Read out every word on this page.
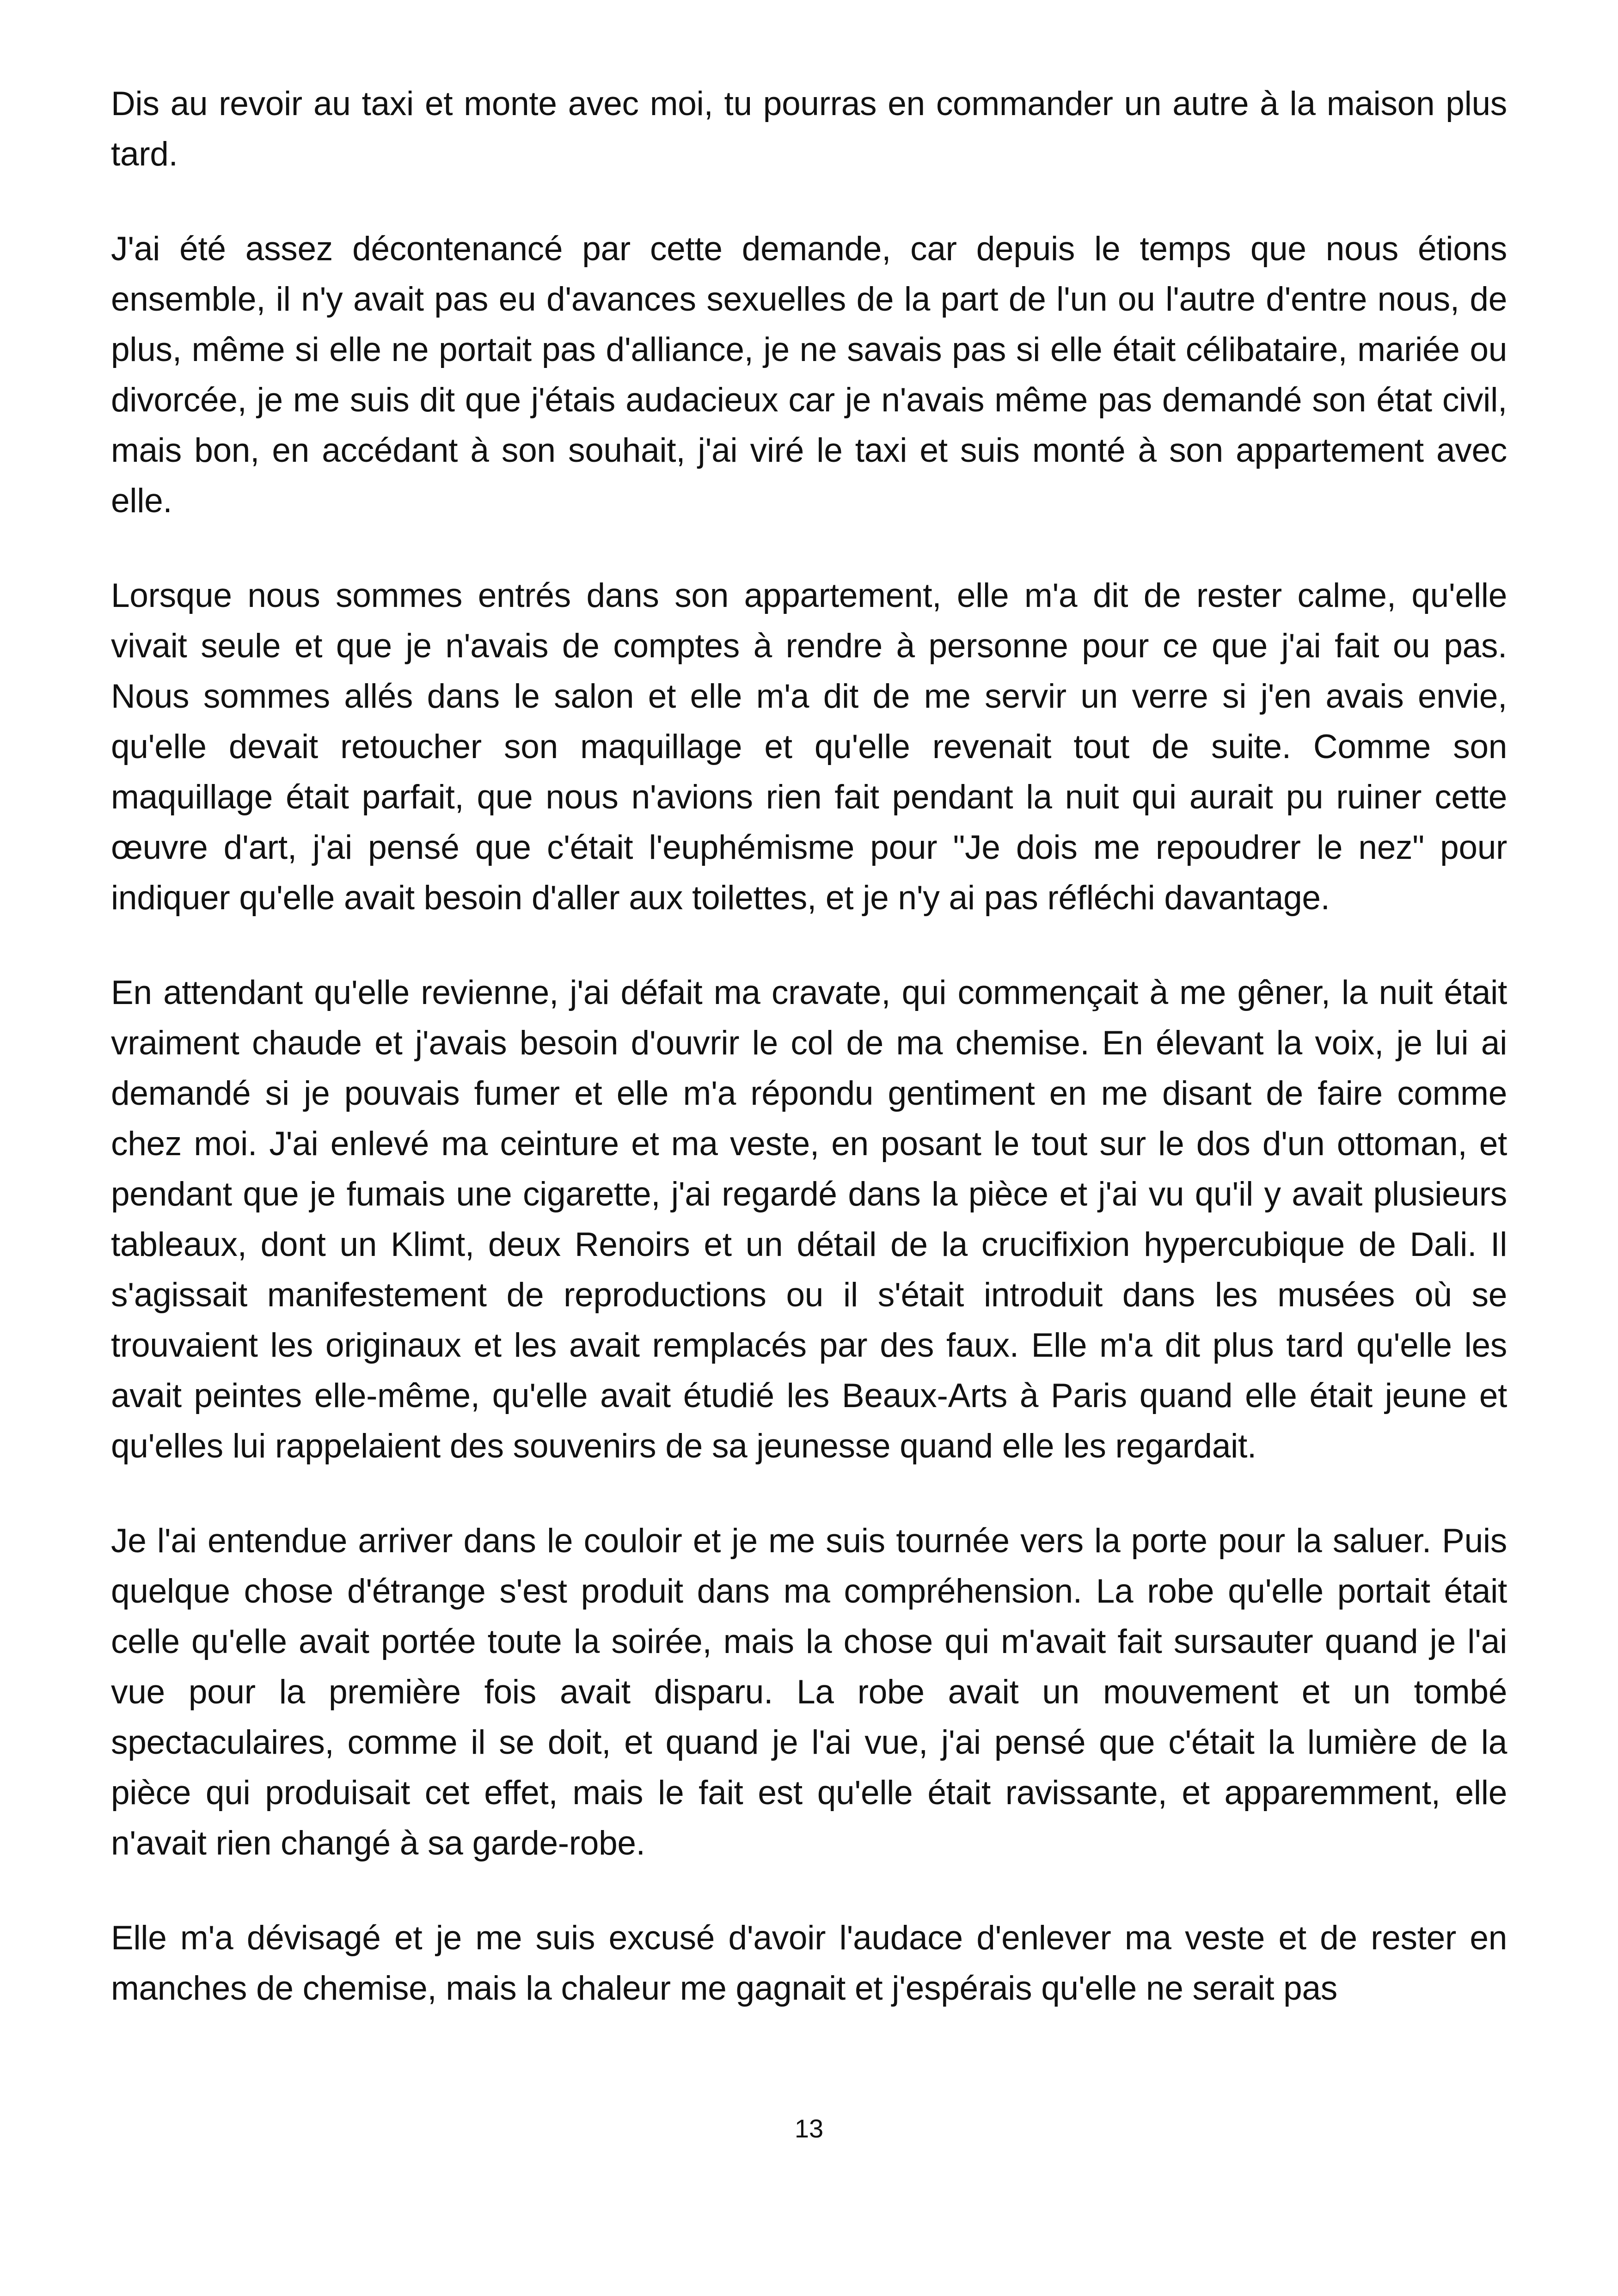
Dis au revoir au taxi et monte avec moi, tu pourras en commander un autre à la maison plus tard.

J'ai été assez décontenancé par cette demande, car depuis le temps que nous étions ensemble, il n'y avait pas eu d'avances sexuelles de la part de l'un ou l'autre d'entre nous, de plus, même si elle ne portait pas d'alliance, je ne savais pas si elle était célibataire, mariée ou divorcée, je me suis dit que j'étais audacieux car je n'avais même pas demandé son état civil, mais bon, en accédant à son souhait, j'ai viré le taxi et suis monté à son appartement avec elle.

Lorsque nous sommes entrés dans son appartement, elle m'a dit de rester calme, qu'elle vivait seule et que je n'avais de comptes à rendre à personne pour ce que j'ai fait ou pas. Nous sommes allés dans le salon et elle m'a dit de me servir un verre si j'en avais envie, qu'elle devait retoucher son maquillage et qu'elle revenait tout de suite. Comme son maquillage était parfait, que nous n'avions rien fait pendant la nuit qui aurait pu ruiner cette œuvre d'art, j'ai pensé que c'était l'euphémisme pour "Je dois me repoudrer le nez" pour indiquer qu'elle avait besoin d'aller aux toilettes, et je n'y ai pas réfléchi davantage.

En attendant qu'elle revienne, j'ai défait ma cravate, qui commençait à me gêner, la nuit était vraiment chaude et j'avais besoin d'ouvrir le col de ma chemise. En élevant la voix, je lui ai demandé si je pouvais fumer et elle m'a répondu gentiment en me disant de faire comme chez moi. J'ai enlevé ma ceinture et ma veste, en posant le tout sur le dos d'un ottoman, et pendant que je fumais une cigarette, j'ai regardé dans la pièce et j'ai vu qu'il y avait plusieurs tableaux, dont un Klimt, deux Renoirs et un détail de la crucifixion hypercubique de Dali. Il s'agissait manifestement de reproductions ou il s'était introduit dans les musées où se trouvaient les originaux et les avait remplacés par des faux. Elle m'a dit plus tard qu'elle les avait peintes elle-même, qu'elle avait étudié les Beaux-Arts à Paris quand elle était jeune et qu'elles lui rappelaient des souvenirs de sa jeunesse quand elle les regardait.

Je l'ai entendue arriver dans le couloir et je me suis tournée vers la porte pour la saluer. Puis quelque chose d'étrange s'est produit dans ma compréhension. La robe qu'elle portait était celle qu'elle avait portée toute la soirée, mais la chose qui m'avait fait sursauter quand je l'ai vue pour la première fois avait disparu. La robe avait un mouvement et un tombé spectaculaires, comme il se doit, et quand je l'ai vue, j'ai pensé que c'était la lumière de la pièce qui produisait cet effet, mais le fait est qu'elle était ravissante, et apparemment, elle n'avait rien changé à sa garde-robe.

Elle m'a dévisagé et je me suis excusé d'avoir l'audace d'enlever ma veste et de rester en manches de chemise, mais la chaleur me gagnait et j'espérais qu'elle ne serait pas

13
